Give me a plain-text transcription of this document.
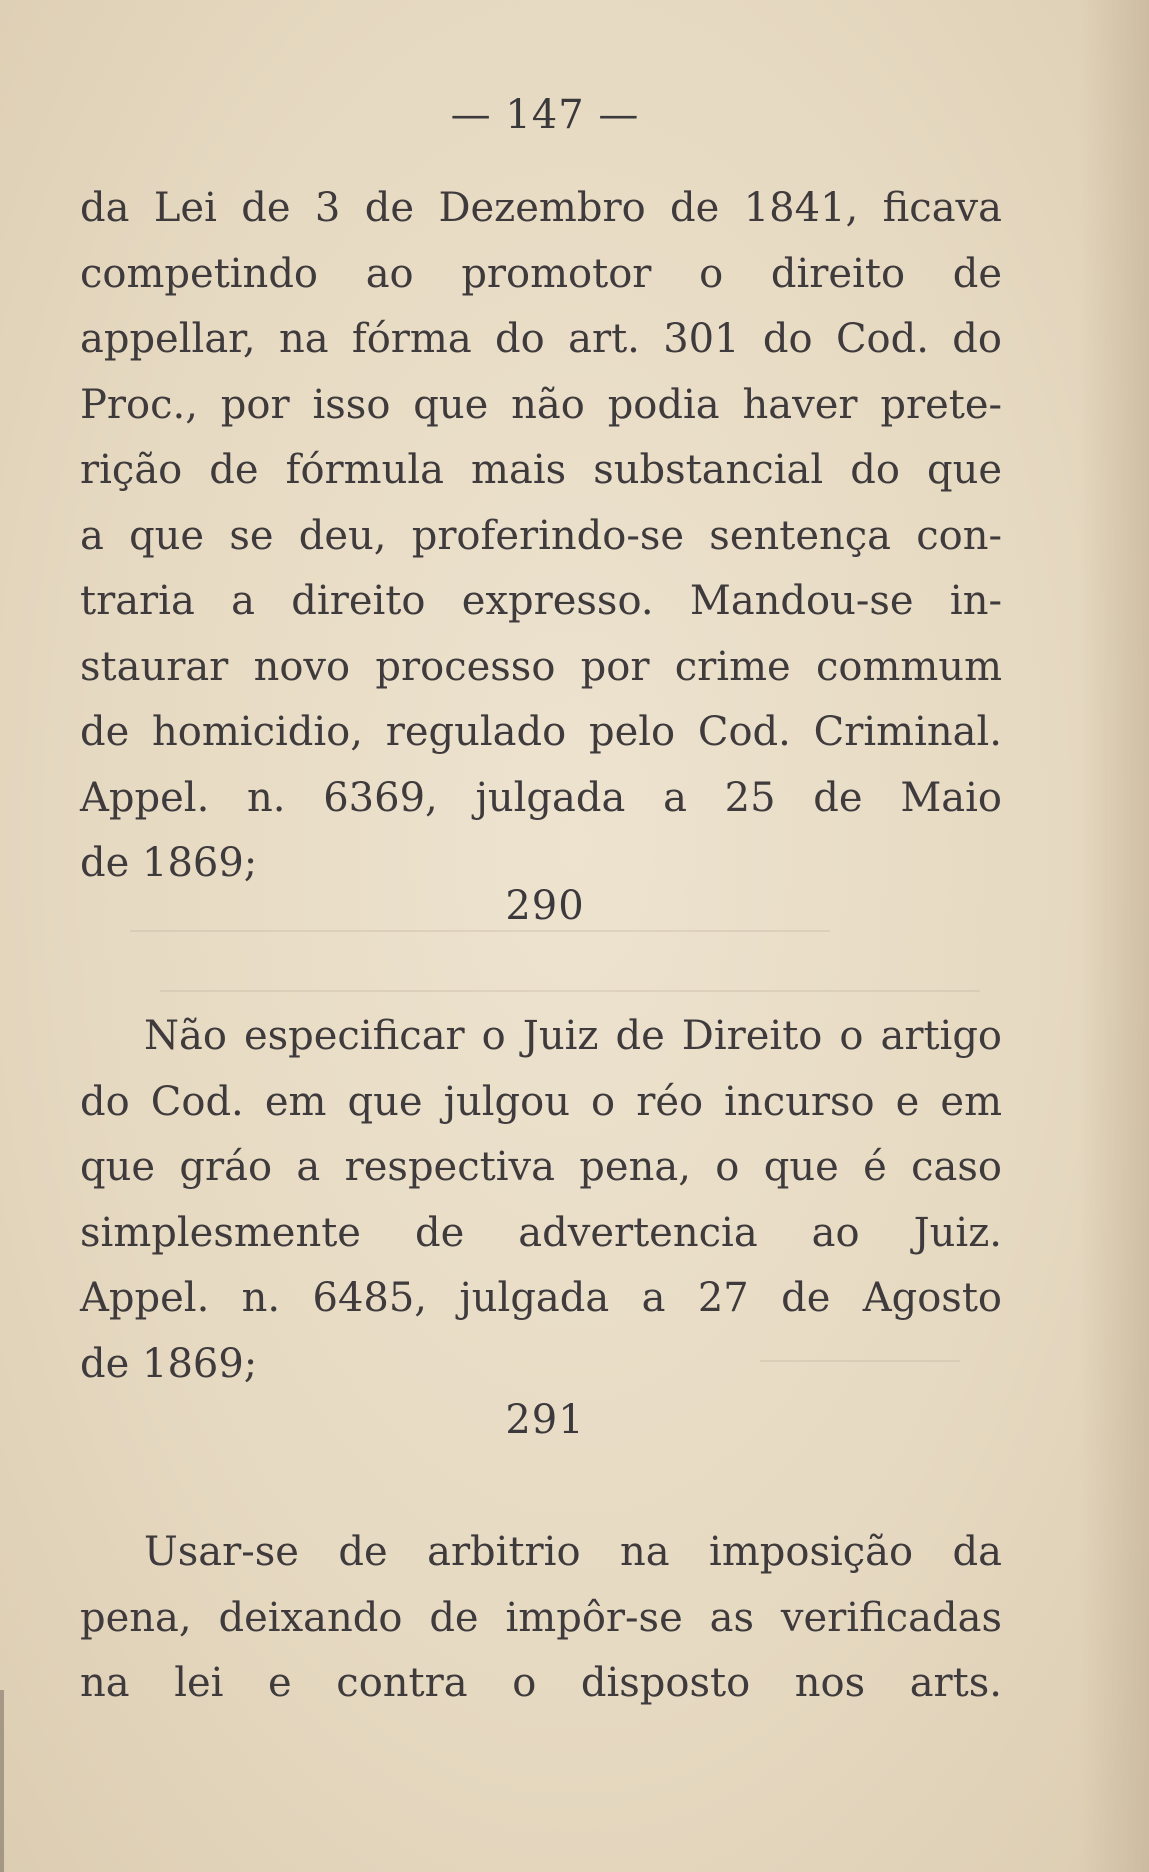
— 147 —
da Lei de 3 de Dezembro de 1841, ficava
competindo ao promotor o direito de
appellar, na fórma do art. 301 do Cod. do
Proc., por isso que não podia haver prete-
rição de fórmula mais substancial do que
a que se deu, proferindo-se sentença con-
traria a direito expresso. Mandou-se in-
staurar novo processo por crime commum
de homicidio, regulado pelo Cod. Criminal.
Appel. n. 6369, julgada a 25 de Maio
de 1869;
290
Não especificar o Juiz de Direito o artigo
do Cod. em que julgou o réo incurso e em
que gráo a respectiva pena, o que é caso
simplesmente de advertencia ao Juiz.
Appel. n. 6485, julgada a 27 de Agosto
de 1869;
291
Usar-se de arbitrio na imposição da
pena, deixando de impôr-se as verificadas
na lei e contra o disposto nos arts.
